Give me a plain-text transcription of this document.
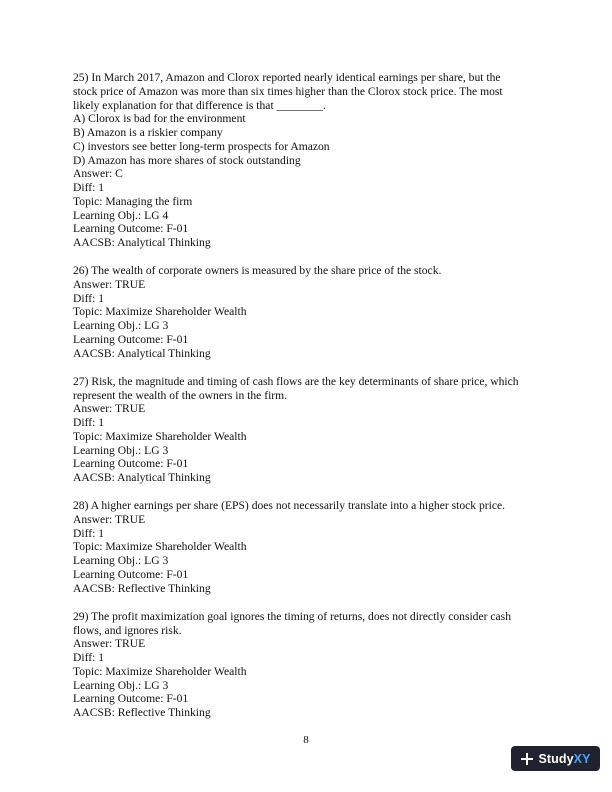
25) In March 2017, Amazon and Clorox reported nearly identical earnings per share, but the
stock price of Amazon was more than six times higher than the Clorox stock price. The most
likely explanation for that difference is that ________.
A) Clorox is bad for the environment
B) Amazon is a riskier company
C) investors see better long-term prospects for Amazon
D) Amazon has more shares of stock outstanding
Answer: C
Diff: 1
Topic: Managing the firm
Learning Obj.: LG 4
Learning Outcome: F-01
AACSB: Analytical Thinking
26) The wealth of corporate owners is measured by the share price of the stock.
Answer: TRUE
Diff: 1
Topic: Maximize Shareholder Wealth
Learning Obj.: LG 3
Learning Outcome: F-01
AACSB: Analytical Thinking
27) Risk, the magnitude and timing of cash flows are the key determinants of share price, which
represent the wealth of the owners in the firm.
Answer: TRUE
Diff: 1
Topic: Maximize Shareholder Wealth
Learning Obj.: LG 3
Learning Outcome: F-01
AACSB: Analytical Thinking
28) A higher earnings per share (EPS) does not necessarily translate into a higher stock price.
Answer: TRUE
Diff: 1
Topic: Maximize Shareholder Wealth
Learning Obj.: LG 3
Learning Outcome: F-01
AACSB: Reflective Thinking
29) The profit maximization goal ignores the timing of returns, does not directly consider cash
flows, and ignores risk.
Answer: TRUE
Diff: 1
Topic: Maximize Shareholder Wealth
Learning Obj.: LG 3
Learning Outcome: F-01
AACSB: Reflective Thinking
8
StudyXY
